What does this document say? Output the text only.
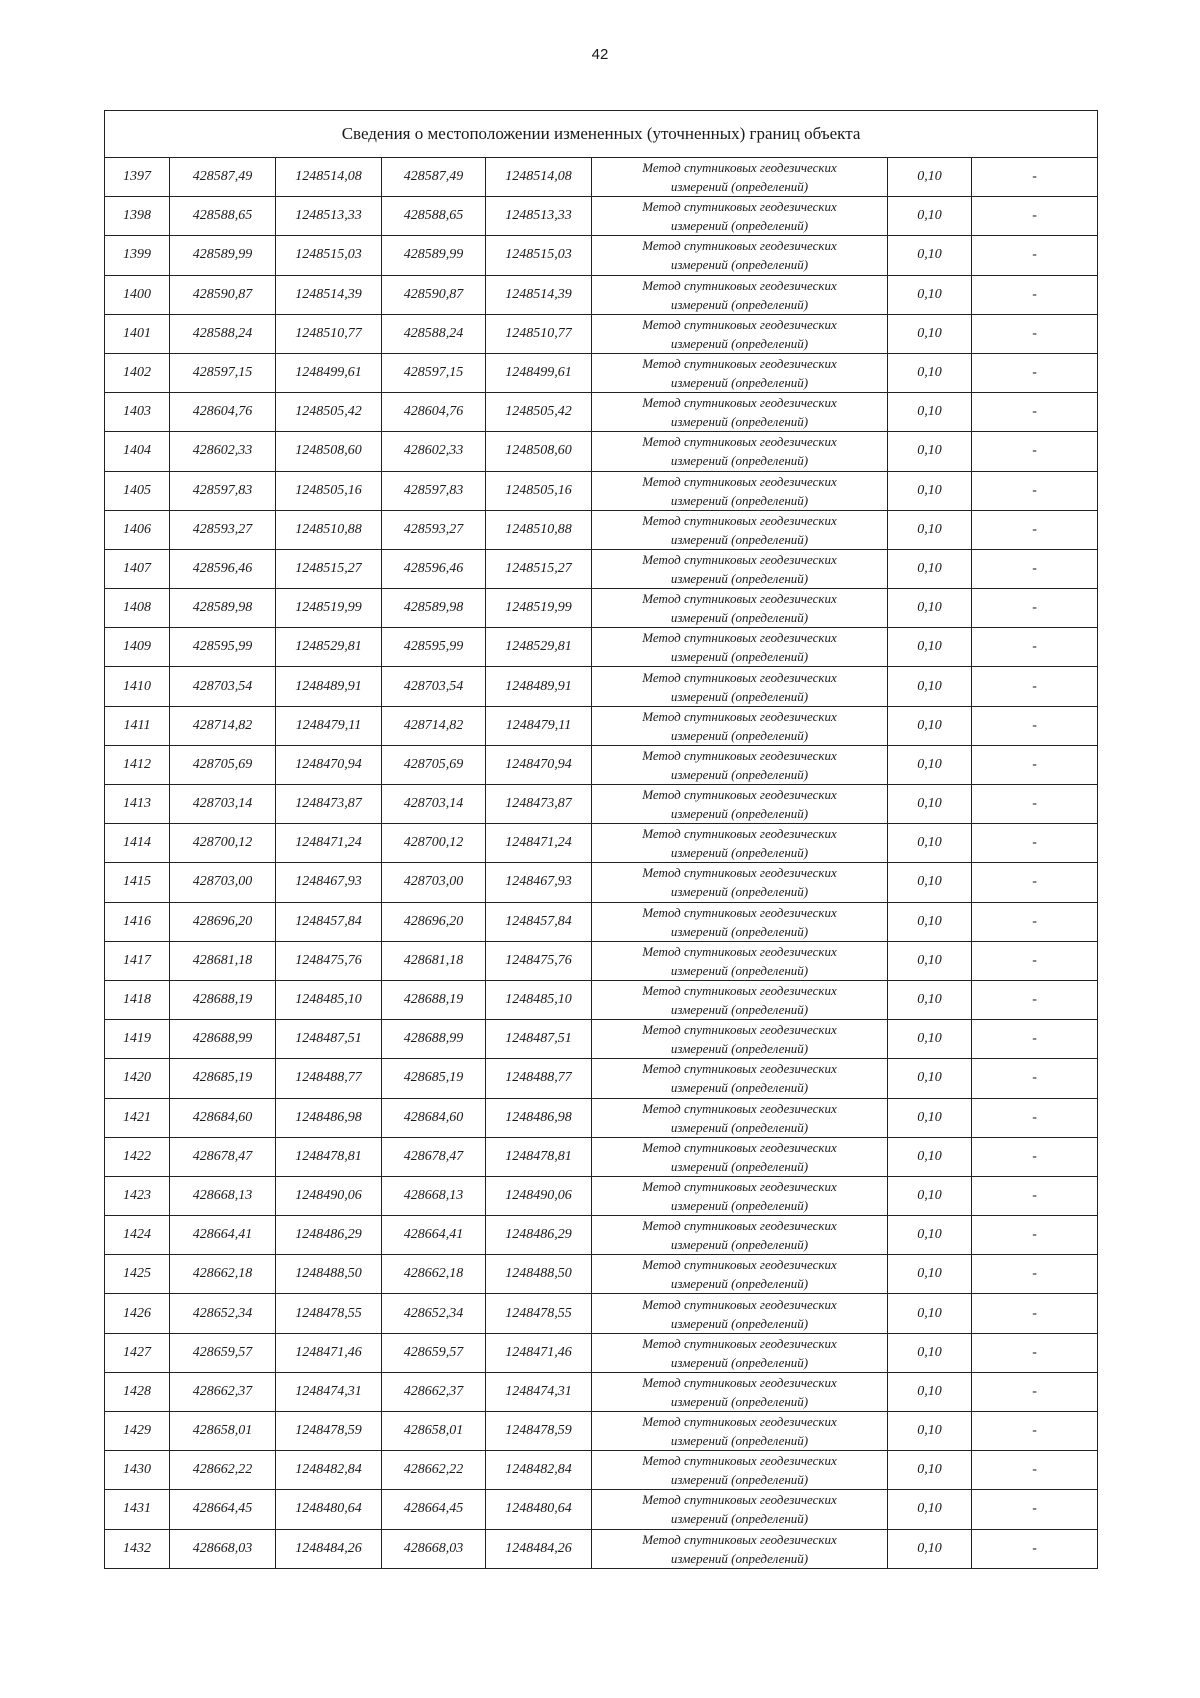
42
Сведения о местоположении измененных (уточненных) границ объекта							
1397	428587,49	1248514,08	428587,49	1248514,08	Метод спутниковых геодезических
измерений (определений)	0,10	-
1398	428588,65	1248513,33	428588,65	1248513,33	Метод спутниковых геодезических
измерений (определений)	0,10	-
1399	428589,99	1248515,03	428589,99	1248515,03	Метод спутниковых геодезических
измерений (определений)	0,10	-
1400	428590,87	1248514,39	428590,87	1248514,39	Метод спутниковых геодезических
измерений (определений)	0,10	-
1401	428588,24	1248510,77	428588,24	1248510,77	Метод спутниковых геодезических
измерений (определений)	0,10	-
1402	428597,15	1248499,61	428597,15	1248499,61	Метод спутниковых геодезических
измерений (определений)	0,10	-
1403	428604,76	1248505,42	428604,76	1248505,42	Метод спутниковых геодезических
измерений (определений)	0,10	-
1404	428602,33	1248508,60	428602,33	1248508,60	Метод спутниковых геодезических
измерений (определений)	0,10	-
1405	428597,83	1248505,16	428597,83	1248505,16	Метод спутниковых геодезических
измерений (определений)	0,10	-
1406	428593,27	1248510,88	428593,27	1248510,88	Метод спутниковых геодезических
измерений (определений)	0,10	-
1407	428596,46	1248515,27	428596,46	1248515,27	Метод спутниковых геодезических
измерений (определений)	0,10	-
1408	428589,98	1248519,99	428589,98	1248519,99	Метод спутниковых геодезических
измерений (определений)	0,10	-
1409	428595,99	1248529,81	428595,99	1248529,81	Метод спутниковых геодезических
измерений (определений)	0,10	-
1410	428703,54	1248489,91	428703,54	1248489,91	Метод спутниковых геодезических
измерений (определений)	0,10	-
1411	428714,82	1248479,11	428714,82	1248479,11	Метод спутниковых геодезических
измерений (определений)	0,10	-
1412	428705,69	1248470,94	428705,69	1248470,94	Метод спутниковых геодезических
измерений (определений)	0,10	-
1413	428703,14	1248473,87	428703,14	1248473,87	Метод спутниковых геодезических
измерений (определений)	0,10	-
1414	428700,12	1248471,24	428700,12	1248471,24	Метод спутниковых геодезических
измерений (определений)	0,10	-
1415	428703,00	1248467,93	428703,00	1248467,93	Метод спутниковых геодезических
измерений (определений)	0,10	-
1416	428696,20	1248457,84	428696,20	1248457,84	Метод спутниковых геодезических
измерений (определений)	0,10	-
1417	428681,18	1248475,76	428681,18	1248475,76	Метод спутниковых геодезических
измерений (определений)	0,10	-
1418	428688,19	1248485,10	428688,19	1248485,10	Метод спутниковых геодезических
измерений (определений)	0,10	-
1419	428688,99	1248487,51	428688,99	1248487,51	Метод спутниковых геодезических
измерений (определений)	0,10	-
1420	428685,19	1248488,77	428685,19	1248488,77	Метод спутниковых геодезических
измерений (определений)	0,10	-
1421	428684,60	1248486,98	428684,60	1248486,98	Метод спутниковых геодезических
измерений (определений)	0,10	-
1422	428678,47	1248478,81	428678,47	1248478,81	Метод спутниковых геодезических
измерений (определений)	0,10	-
1423	428668,13	1248490,06	428668,13	1248490,06	Метод спутниковых геодезических
измерений (определений)	0,10	-
1424	428664,41	1248486,29	428664,41	1248486,29	Метод спутниковых геодезических
измерений (определений)	0,10	-
1425	428662,18	1248488,50	428662,18	1248488,50	Метод спутниковых геодезических
измерений (определений)	0,10	-
1426	428652,34	1248478,55	428652,34	1248478,55	Метод спутниковых геодезических
измерений (определений)	0,10	-
1427	428659,57	1248471,46	428659,57	1248471,46	Метод спутниковых геодезических
измерений (определений)	0,10	-
1428	428662,37	1248474,31	428662,37	1248474,31	Метод спутниковых геодезических
измерений (определений)	0,10	-
1429	428658,01	1248478,59	428658,01	1248478,59	Метод спутниковых геодезических
измерений (определений)	0,10	-
1430	428662,22	1248482,84	428662,22	1248482,84	Метод спутниковых геодезических
измерений (определений)	0,10	-
1431	428664,45	1248480,64	428664,45	1248480,64	Метод спутниковых геодезических
измерений (определений)	0,10	-
1432	428668,03	1248484,26	428668,03	1248484,26	Метод спутниковых геодезических
измерений (определений)	0,10	-
